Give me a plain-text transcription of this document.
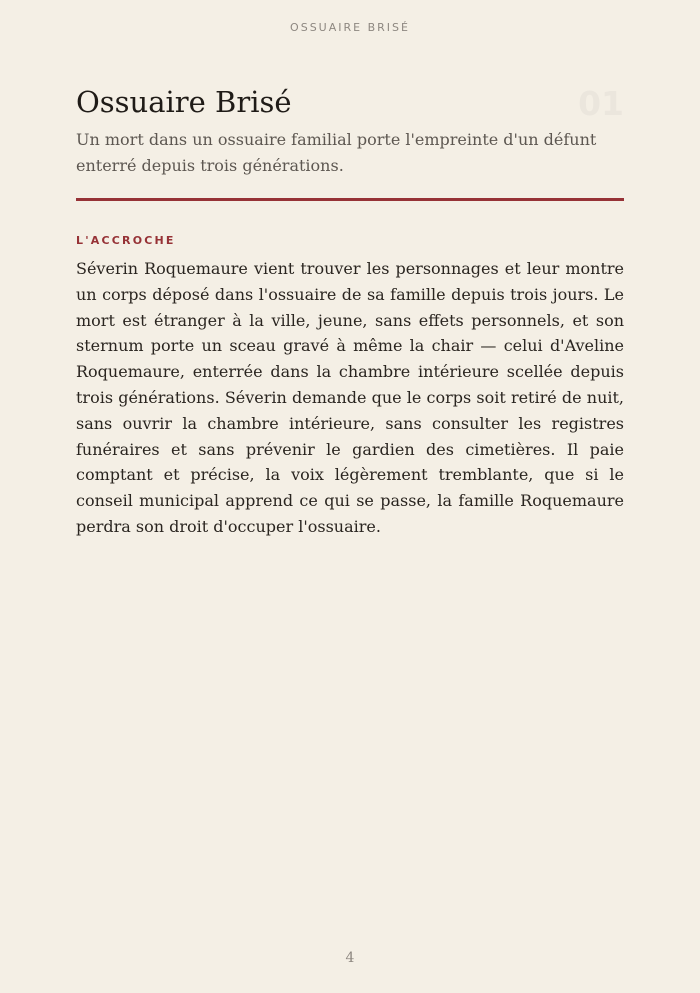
OSSUAIRE BRISÉ
Ossuaire Brisé	01

Un mort dans un ossuaire familial porte l'empreinte d'un défunt enterré depuis trois générations.

L'ACCROCHE

Séverin Roquemaure vient trouver les personnages et leur montre un corps déposé dans l'ossuaire de sa famille depuis trois jours. Le mort est étranger à la ville, jeune, sans effets personnels, et son sternum porte un sceau gravé à même la chair — celui d'Aveline Roquemaure, enterrée dans la chambre intérieure scellée depuis trois générations. Séverin demande que le corps soit retiré de nuit, sans ouvrir la chambre intérieure, sans consulter les registres funéraires et sans prévenir le gardien des cimetières. Il paie comptant et précise, la voix légèrement tremblante, que si le conseil municipal apprend ce qui se passe, la famille Roquemaure perdra son droit d'occuper l'ossuaire.

4
